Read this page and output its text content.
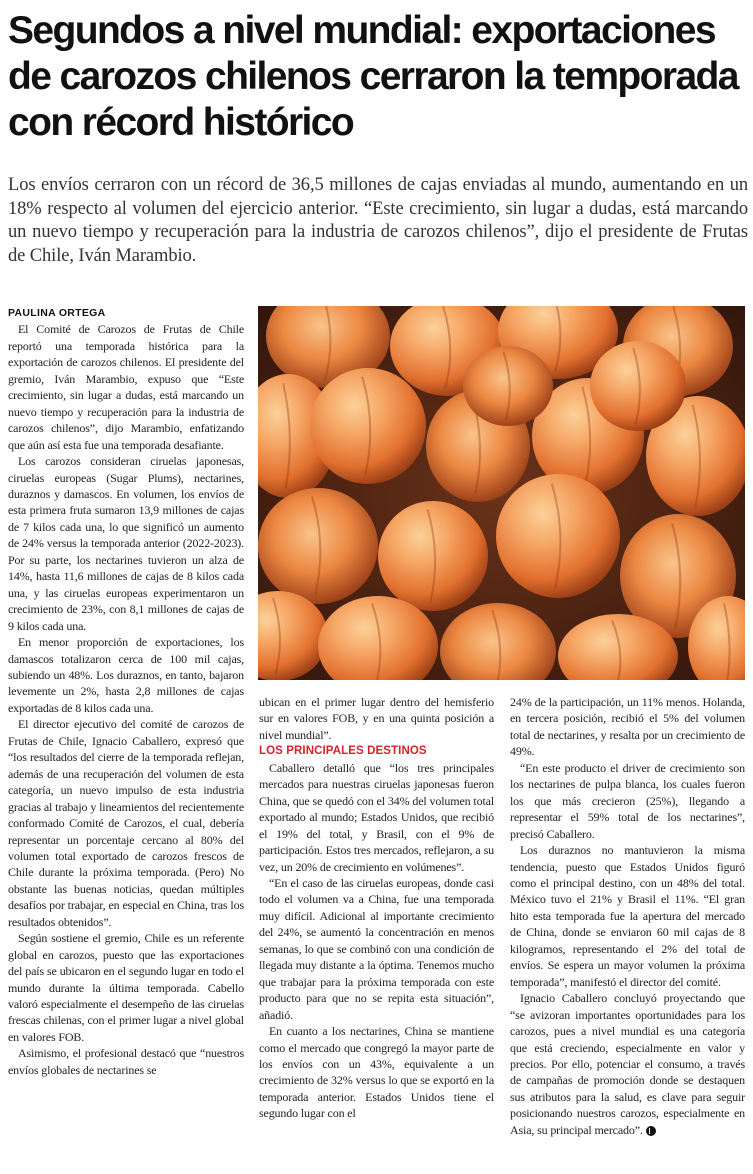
Segundos a nivel mundial: exportaciones de carozos chilenos cerraron la temporada con récord histórico

Los envíos cerraron con un récord de 36,5 millones de cajas enviadas al mundo, aumentando en un 18% respecto al volumen del ejercicio anterior. “Este crecimiento, sin lugar a dudas, está marcando un nuevo tiempo y recuperación para la industria de carozos chilenos”, dijo el presidente de Frutas de Chile, Iván Marambio.

PAULINA ORTEGA

El Comité de Carozos de Frutas de Chile reportó una temporada histórica para la exportación de carozos chilenos. El presidente del gremio, Iván Marambio, expuso que “Este crecimiento, sin lugar a dudas, está marcando un nuevo tiempo y recuperación para la industria de carozos chilenos”, dijo Marambio, enfatizando que aún así esta fue una temporada desafiante.

Los carozos consideran ciruelas japonesas, ciruelas europeas (Sugar Plums), nectarines, duraznos y damascos. En volumen, los envíos de esta primera fruta sumaron 13,9 millones de cajas de 7 kilos cada una, lo que significó un aumento de 24% versus la temporada anterior (2022-2023). Por su parte, los nectarines tuvieron un alza de 14%, hasta 11,6 millones de cajas de 8 kilos cada una, y las ciruelas europeas experimentaron un crecimiento de 23%, con 8,1 millones de cajas de 9 kilos cada una.

En menor proporción de exportaciones, los damascos totalizaron cerca de 100 mil cajas, subiendo un 48%. Los duraznos, en tanto, bajaron levemente un 2%, hasta 2,8 millones de cajas exportadas de 8 kilos cada una.

El director ejecutivo del comité de carozos de Frutas de Chile, Ignacio Caballero, expresó que “los resultados del cierre de la temporada reflejan, además de una recuperación del volumen de esta categoría, un nuevo impulso de esta industria gracias al trabajo y lineamientos del recientemente conformado Comité de Carozos, el cual, debería representar un porcentaje cercano al 80% del volumen total exportado de carozos frescos de Chile durante la próxima temporada. (Pero) No obstante las buenas noticias, quedan múltiples desafíos por trabajar, en especial en China, tras los resultados obtenidos”.

Según sostiene el gremio, Chile es un referente global en carozos, puesto que las exportaciones del país se ubicaron en el segundo lugar en todo el mundo durante la última temporada. Cabello valoró especialmente el desempeño de las ciruelas frescas chilenas, con el primer lugar a nivel global en valores FOB.

Asimismo, el profesional destacó que “nuestros envíos globales de nectarines se

ubican en el primer lugar dentro del hemisferio sur en valores FOB, y en una quinta posición a nivel mundial”.

LOS PRINCIPALES DESTINOS

Caballero detalló que “los tres principales mercados para nuestras ciruelas japonesas fueron China, que se quedó con el 34% del volumen total exportado al mundo; Estados Unidos, que recibió el 19% del total, y Brasil, con el 9% de participación. Estos tres mercados, reflejaron, a su vez, un 20% de crecimiento en volúmenes”.

“En el caso de las ciruelas europeas, donde casi todo el volumen va a China, fue una temporada muy difícil. Adicional al importante crecimiento del 24%, se aumentó la concentración en menos semanas, lo que se combinó con una condición de llegada muy distante a la óptima. Tenemos mucho que trabajar para la próxima temporada con este producto para que no se repita esta situación”, añadió.

En cuanto a los nectarines, China se mantiene como el mercado que congregó la mayor parte de los envíos con un 43%, equivalente a un crecimiento de 32% versus lo que se exportó en la temporada anterior. Estados Unidos tiene el segundo lugar con el

24% de la participación, un 11% menos. Holanda, en tercera posición, recibió el 5% del volumen total de nectarines, y resalta por un crecimiento de 49%.

“En este producto el driver de crecimiento son los nectarines de pulpa blanca, los cuales fueron los que más crecieron (25%), llegando a representar el 59% total de los nectarines”, precisó Caballero.

Los duraznos no mantuvieron la misma tendencia, puesto que Estados Unidos figuró como el principal destino, con un 48% del total. México tuvo el 21% y Brasil el 11%. “El gran hito esta temporada fue la apertura del mercado de China, donde se enviaron 60 mil cajas de 8 kilogramos, representando el 2% del total de envíos. Se espera un mayor volumen la próxima temporada”, manifestó el director del comité.

Ignacio Caballero concluyó proyectando que “se avizoran importantes oportunidades para los carozos, pues a nivel mundial es una categoría que está creciendo, especialmente en valor y precios. Por ello, potenciar el consumo, a través de campañas de promoción donde se destaquen sus atributos para la salud, es clave para seguir posicionando nuestros carozos, especialmente en Asia, su principal mercado”.
